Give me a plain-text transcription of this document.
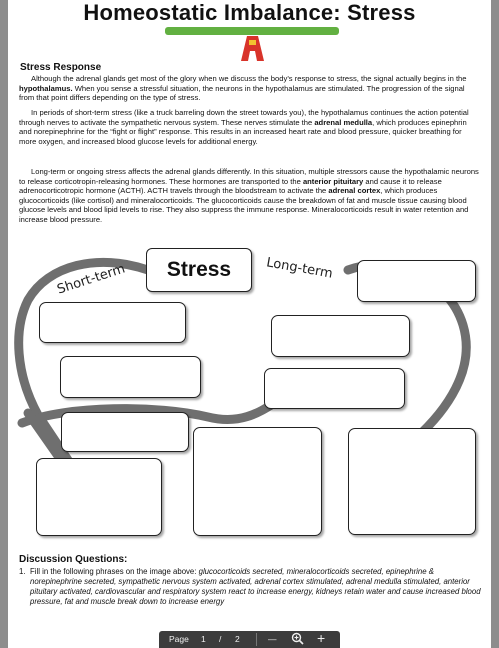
Homeostatic Imbalance: Stress
Stress Response
Although the adrenal glands get most of the glory when we discuss the body’s response to stress, the signal actually begins in the hypothalamus. When you sense a stressful situation, the neurons in the hypothalamus are stimulated. The progression of the signal from that point differs depending on the type of stress.
In periods of short-term stress (like a truck barreling down the street towards you), the hypothalamus continues the action potential through nerves to activate the sympathetic nervous system. These nerves stimulate the adrenal medulla, which produces epinephrin and norepinephrine for the “fight or flight” response. This results in an increased heart rate and blood pressure, quicker breathing for more oxygen, and increased blood glucose levels for additional energy.
Long-term or ongoing stress affects the adrenal glands differently. In this situation, multiple stressors cause the hypothalamic neurons to release corticotropin-releasing hormones. These hormones are transported to the anterior pituitary and cause it to release adrenocorticotropic hormone (ACTH). ACTH travels through the bloodstream to activate the adrenal cortex, which produces glucocorticoids (like cortisol) and mineralocorticoids. The glucocorticoids cause the breakdown of fat and muscle tissue causing blood glucose levels and blood lipid levels to rise. They also suppress the immune response. Mineralocorticoids result in water retention and increase blood pressure.
Short-term	Long-term
Stress
Discussion Questions:
1. Fill in the following phrases on the image above: glucocorticoids secreted, mineralocorticoids secreted, epinephrine & norepinephrine secreted, sympathetic nervous system activated, adrenal cortex stimulated, adrenal medulla stimulated, anterior pituitary activated, cardiovascular and respiratory system react to increase energy, kidneys retain water and cause increased blood pressure, fat and muscle break down to increase energy
Page 1 / 2	—	+
